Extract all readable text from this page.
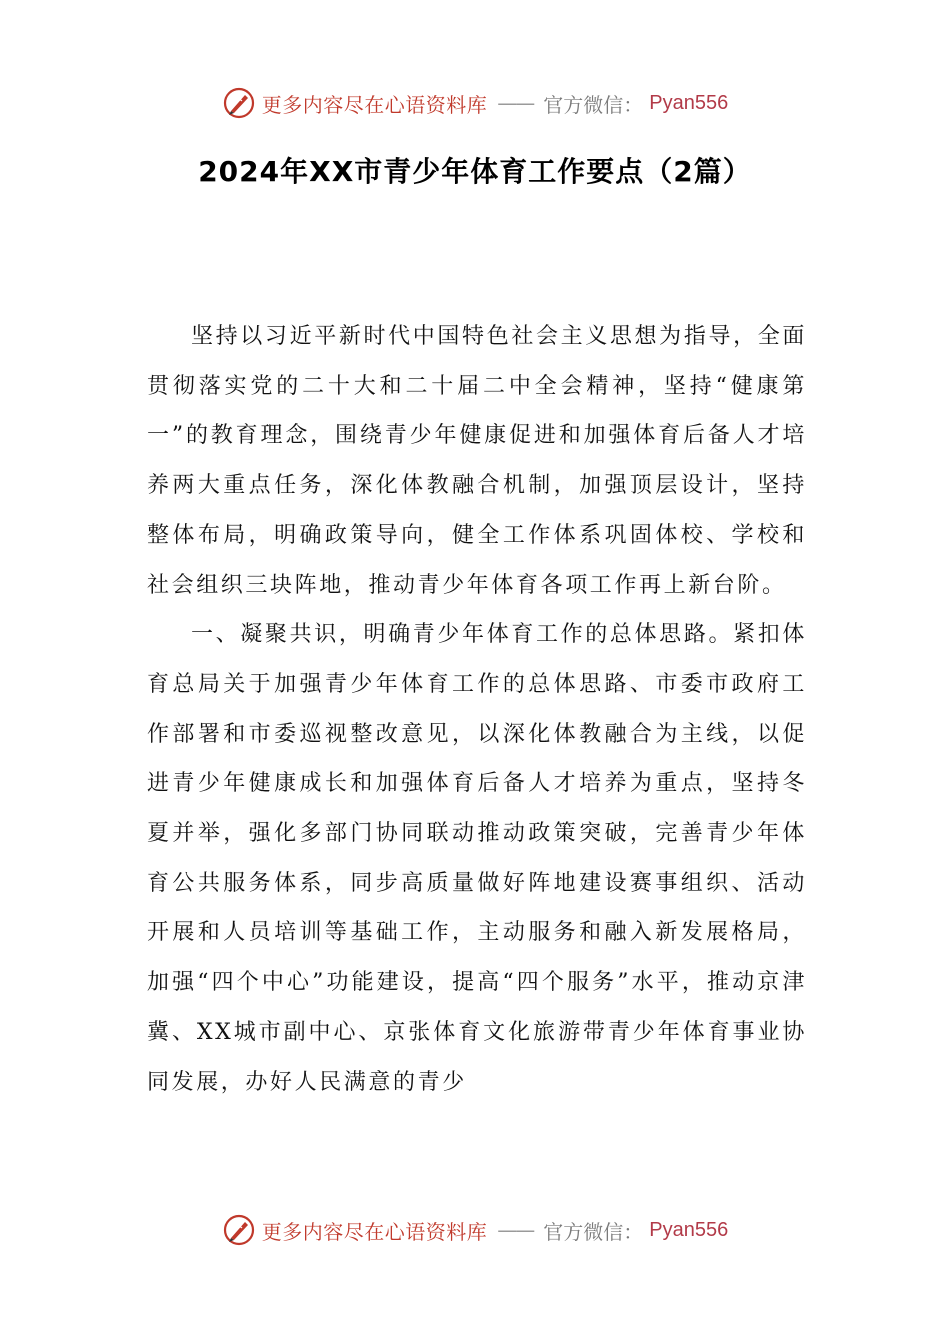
更多内容尽在心语资料库 —— 官方微信： Pyan556
2024年XX市青少年体育工作要点（2篇）

坚持以习近平新时代中国特色社会主义思想为指导，全面贯彻落实党的二十大和二十届二中全会精神，坚持“健康第一”的教育理念，围绕青少年健康促进和加强体育后备人才培养两大重点任务，深化体教融合机制，加强顶层设计，坚持整体布局，明确政策导向，健全工作体系巩固体校、学校和社会组织三块阵地，推动青少年体育各项工作再上新台阶。

一、凝聚共识，明确青少年体育工作的总体思路。紧扣体育总局关于加强青少年体育工作的总体思路、市委市政府工作部署和市委巡视整改意见，以深化体教融合为主线，以促进青少年健康成长和加强体育后备人才培养为重点，坚持冬夏并举，强化多部门协同联动推动政策突破，完善青少年体育公共服务体系，同步高质量做好阵地建设赛事组织、活动开展和人员培训等基础工作，主动服务和融入新发展格局，加强“四个中心”功能建设，提高“四个服务”水平，推动京津冀、XX城市副中心、京张体育文化旅游带青少年体育事业协同发展，办好人民满意的青少

更多内容尽在心语资料库 —— 官方微信： Pyan556
